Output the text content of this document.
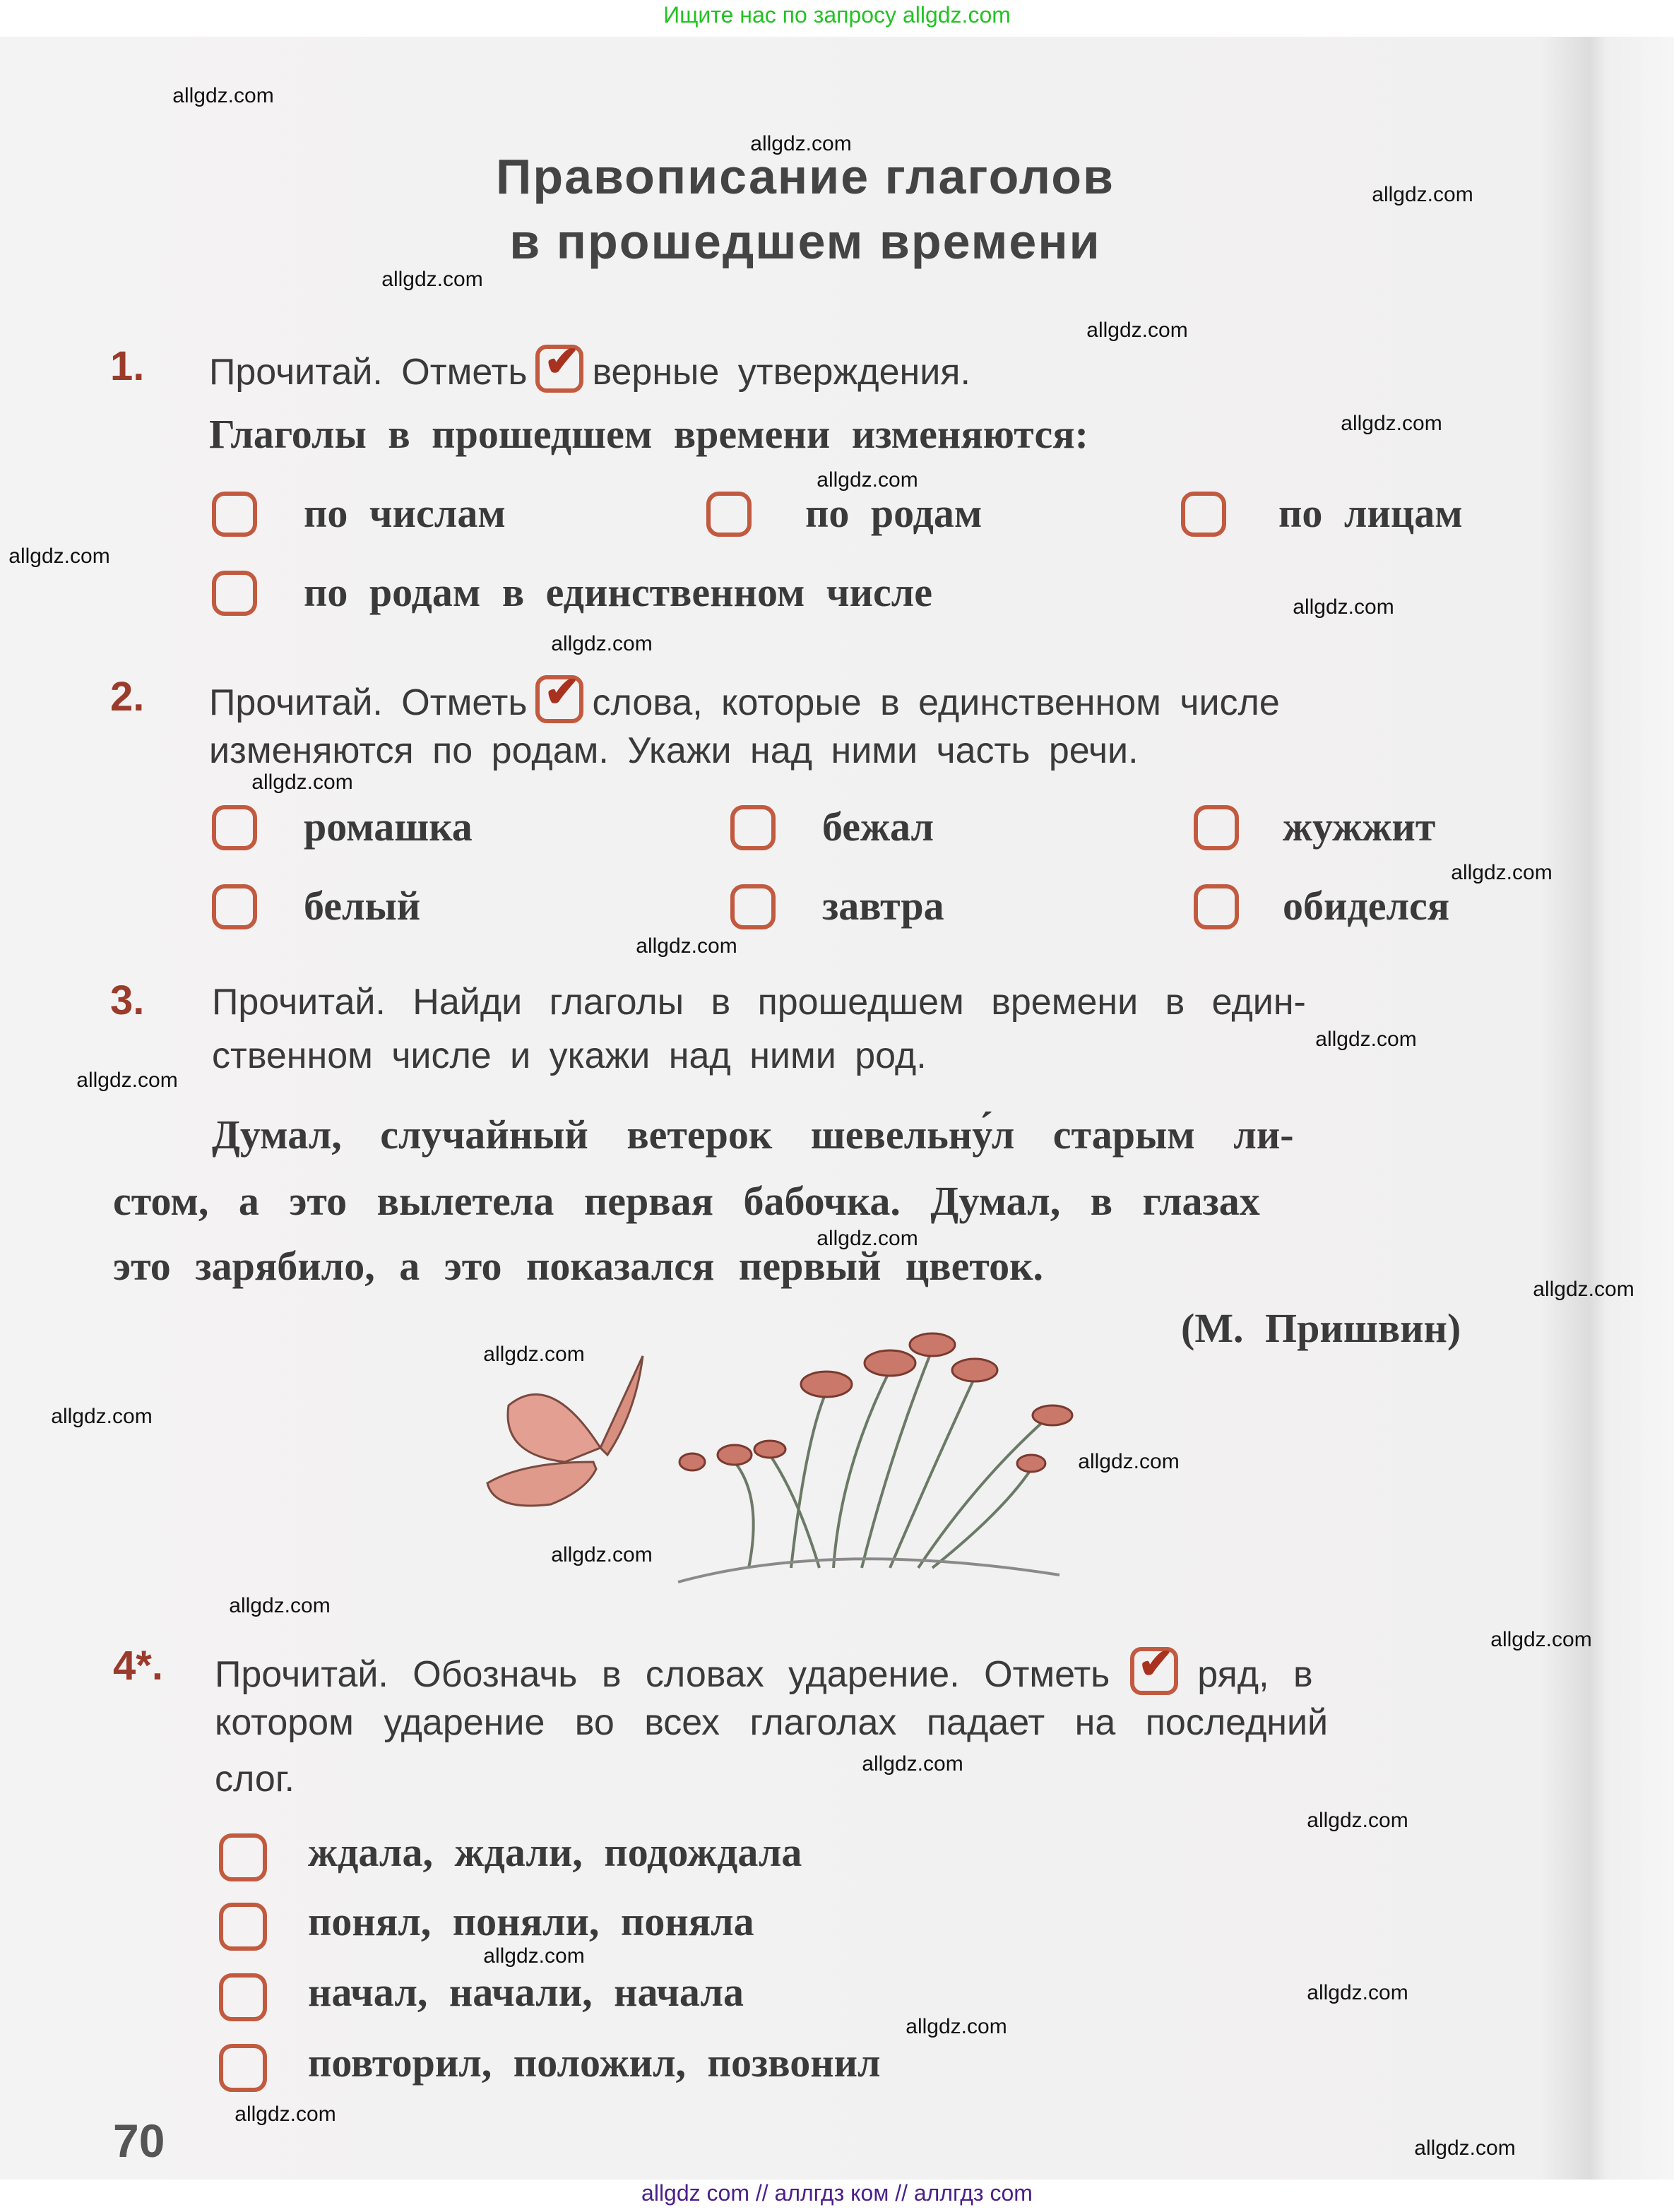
Ищите нас по запросу allgdz.com
Правописание глаголов
в прошедшем времени
1.	Прочитай. Отметь ✔ верные утверждения.
Глаголы в прошедшем времени изменяются:
по числам	по родам	по лицам
по родам в единственном числе
2.	Прочитай. Отметь ✔ слова, которые в единственном числе
изменяются по родам. Укажи над ними часть речи.
ромашка	бежал	жужжит
белый	завтра	обиделся
3.	Прочитай. Найди глаголы в прошедшем времени в един-
ственном числе и укажи над ними род.
Думал, случайный ветерок шевельну́л старым ли-
стом, а это вылетела первая бабочка. Думал, в глазах
это зарябило, а это показался первый цветок.
(М. Пришвин)
4*.	Прочитай. Обозначь в словах ударение. Отметь ✔ ряд, в
котором ударение во всех глаголах падает на последний
слог.
ждала, ждали, подождала
понял, поняли, поняла
начал, начали, начала
повторил, положил, позвонил
70
allgdz.com
allgdz.com
allgdz.com
allgdz.com
allgdz.com
allgdz.com
allgdz.com
allgdz.com
allgdz.com
allgdz.com
allgdz.com
allgdz.com
allgdz.com
allgdz.com
allgdz.com
allgdz.com
allgdz.com
allgdz.com
allgdz.com
allgdz.com
allgdz.com
allgdz.com
allgdz.com
allgdz.com
allgdz.com
allgdz.com
allgdz.com
allgdz.com
allgdz.com
allgdz.com
allgdz com // аллгдз ком // аллгдз com
